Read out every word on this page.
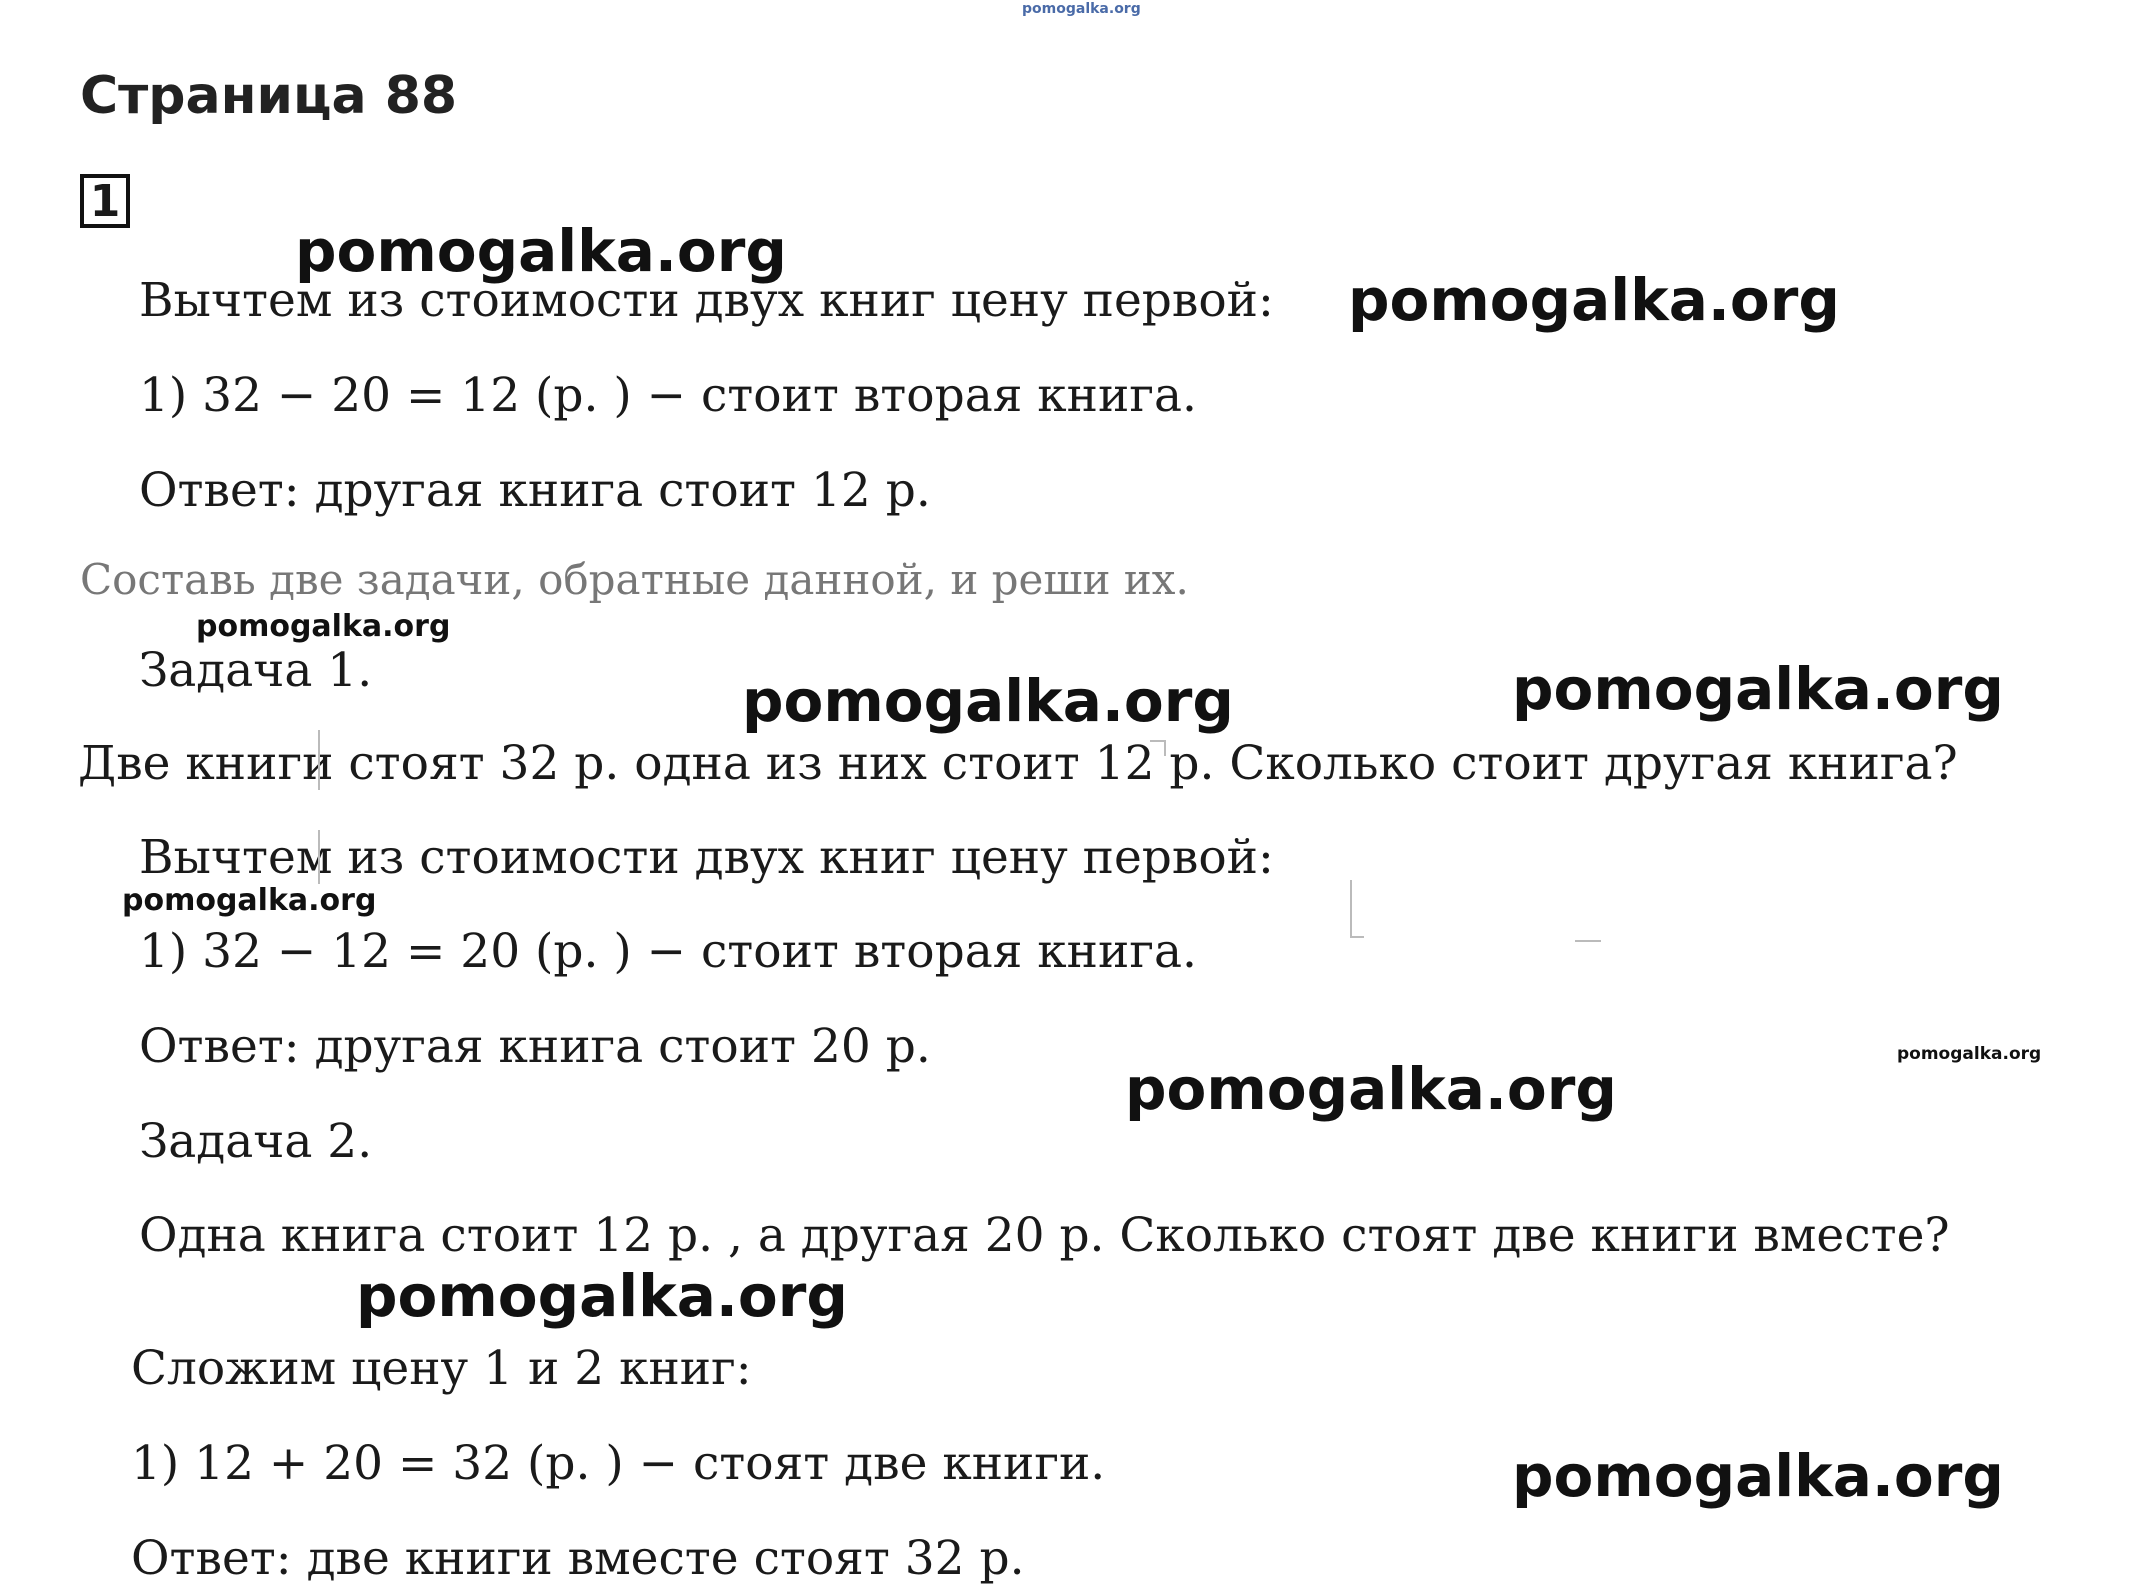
pomogalka.org
Страница 88
1
Вычтем из стоимости двух книг цену первой:
1) 32 − 20 = 12 (р. ) − стоит вторая книга.
Ответ: другая книга стоит 12 р.
Составь две задачи, обратные данной, и реши их.
Задача 1.
Две книги стоят 32 р. одна из них стоит 12 р. Сколько стоит другая книга?
Вычтем из стоимости двух книг цену первой:
1) 32 − 12 = 20 (р. ) − стоит вторая книга.
Ответ: другая книга стоит 20 р.
Задача 2.
Одна книга стоит 12 р. , а другая 20 р. Сколько стоят две книги вместе?
Сложим цену 1 и 2 книг:
1) 12 + 20 = 32 (р. ) − стоят две книги.
Ответ: две книги вместе стоят 32 р.
pomogalka.org
pomogalka.org
pomogalka.org
pomogalka.org	pomogalka.org
pomogalka.org
pomogalka.org
pomogalka.org
pomogalka.org
pomogalka.org
